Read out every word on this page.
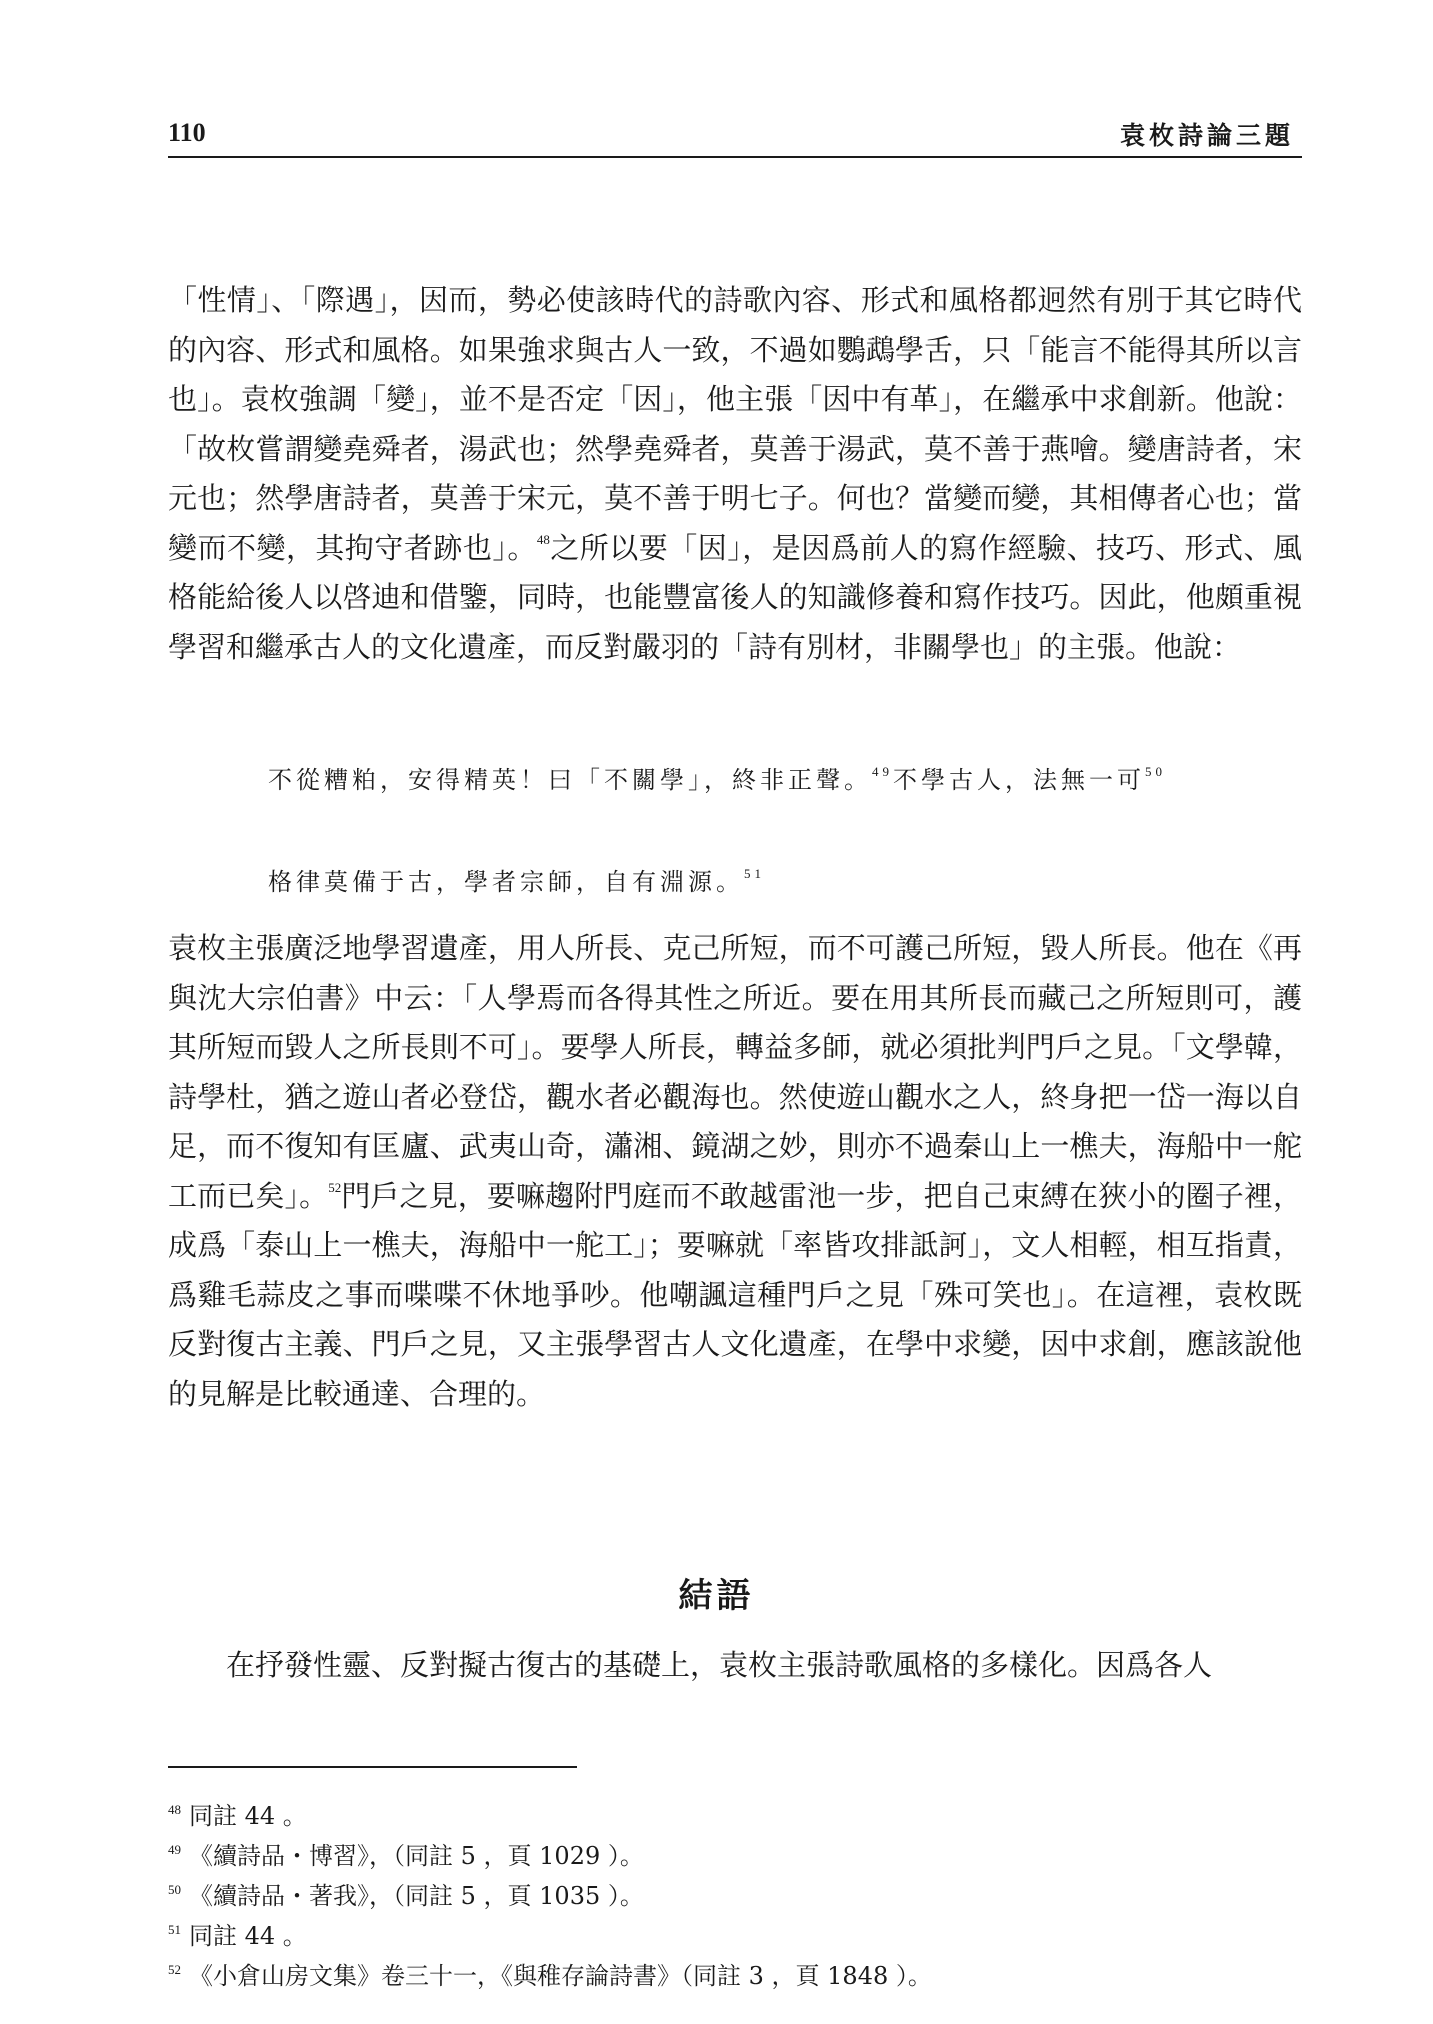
110	袁枚詩論三題
「性情」、「際遇」，因而，勢必使該時代的詩歌內容、形式和風格都迥然有別于其它時代的內容、形式和風格。如果強求與古人一致，不過如鸚鵡學舌，只「能言不能得其所以言也」。袁枚強調「變」，並不是否定「因」，他主張「因中有革」，在繼承中求創新。他說：「故枚嘗謂變堯舜者，湯武也；然學堯舜者，莫善于湯武，莫不善于燕噲。變唐詩者，宋元也；然學唐詩者，莫善于宋元，莫不善于明七子。何也？當變而變，其相傳者心也；當變而不變，其拘守者跡也」。$^{48}$之所以要「因」，是因爲前人的寫作經驗、技巧、形式、風格能給後人以啓迪和借鑒，同時，也能豐富後人的知識修養和寫作技巧。因此，他頗重視學習和繼承古人的文化遺產，而反對嚴羽的「詩有別材，非關學也」的主張。他說：
不從糟粕，安得精英！曰「不關學」，終非正聲。$^{49}$不學古人，法無一可$^{50}$
格律莫備于古，學者宗師，自有淵源。$^{51}$
袁枚主張廣泛地學習遺產，用人所長、克己所短，而不可護己所短，毀人所長。他在《再與沈大宗伯書》中云：「人學焉而各得其性之所近。要在用其所長而藏己之所短則可，護其所短而毀人之所長則不可」。要學人所長，轉益多師，就必須批判門戶之見。「文學韓，詩學杜，猶之遊山者必登岱，觀水者必觀海也。然使遊山觀水之人，終身把一岱一海以自足，而不復知有匡廬、武夷山奇，瀟湘、鏡湖之妙，則亦不過秦山上一樵夫，海船中一舵工而已矣」。$^{52}$門戶之見，要嘛趨附門庭而不敢越雷池一步，把自己束縛在狹小的圈子裡，成爲「泰山上一樵夫，海船中一舵工」；要嘛就「率皆攻排詆訶」，文人相輕，相互指責，爲雞毛蒜皮之事而喋喋不休地爭吵。他嘲諷這種門戶之見「殊可笑也」。在這裡，袁枚既反對復古主義、門戶之見，又主張學習古人文化遺產，在學中求變，因中求創，應該說他的見解是比較通達、合理的。
結語
在抒發性靈、反對擬古復古的基礎上，袁枚主張詩歌風格的多樣化。因爲各人
$^{48}$ 同註 44 。
$^{49}$ 《續詩品・博習》，（同註 5 ，頁 1029 ）。
$^{50}$ 《續詩品・著我》，（同註 5 ，頁 1035 ）。
$^{51}$ 同註 44 。
$^{52}$ 《小倉山房文集》卷三十一，《與稚存論詩書》（同註 3 ，頁 1848 ）。
